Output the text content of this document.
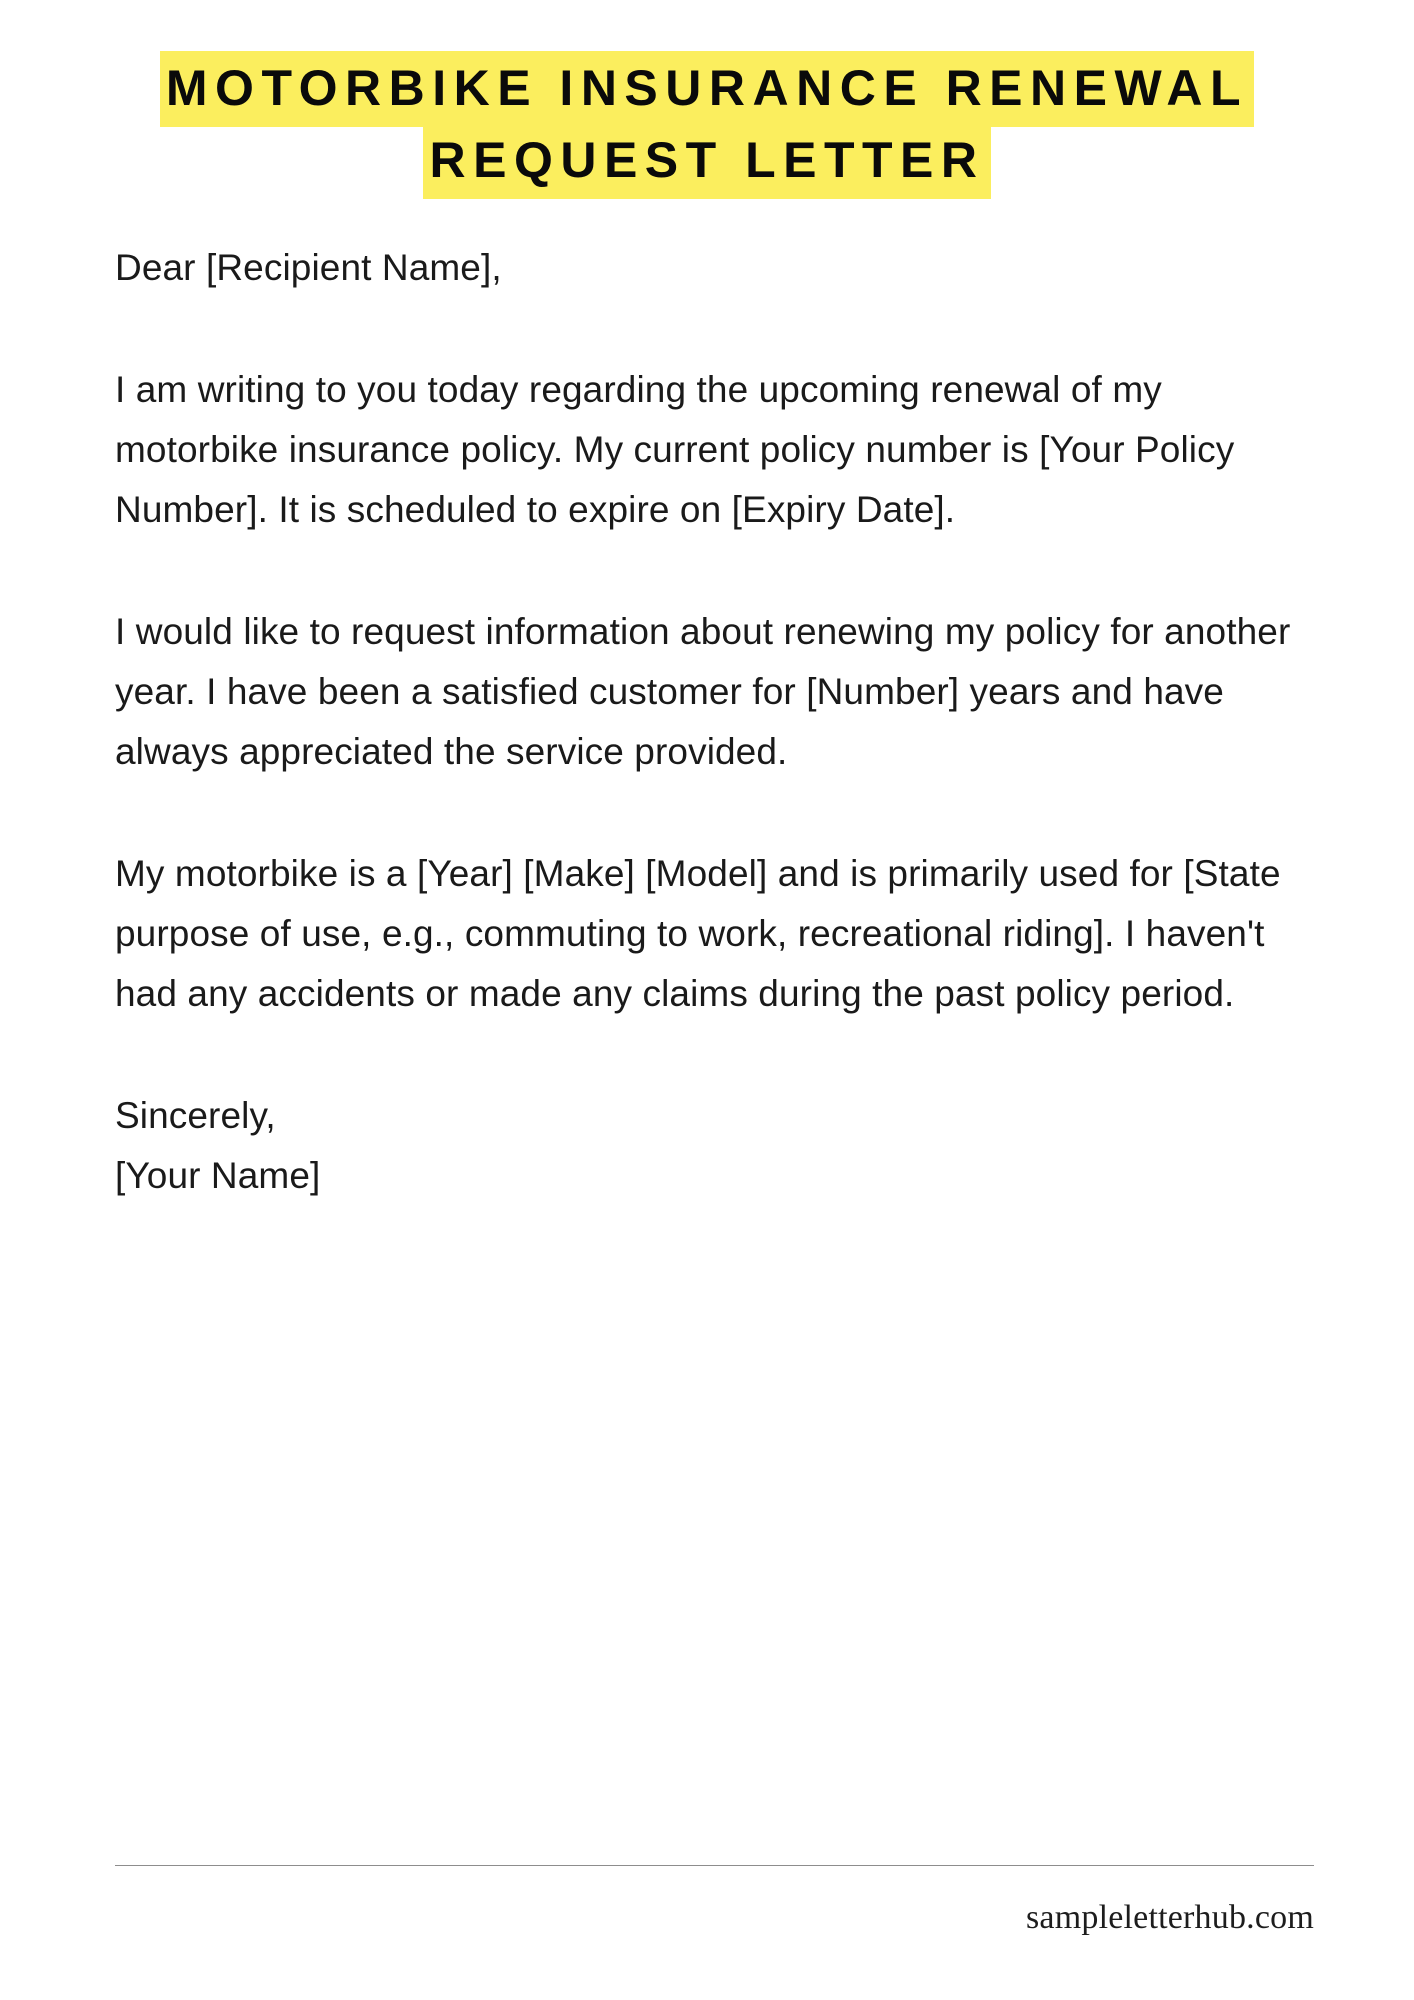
MOTORBIKE INSURANCE RENEWAL
REQUEST LETTER

Dear [Recipient Name],

I am writing to you today regarding the upcoming renewal of my motorbike insurance policy. My current policy number is [Your Policy Number]. It is scheduled to expire on [Expiry Date].

I would like to request information about renewing my policy for another year. I have been a satisfied customer for [Number] years and have always appreciated the service provided.

My motorbike is a [Year] [Make] [Model] and is primarily used for [State purpose of use, e.g., commuting to work, recreational riding]. I haven't had any accidents or made any claims during the past policy period.

Sincerely,

[Your Name]

sampleletterhub.com
